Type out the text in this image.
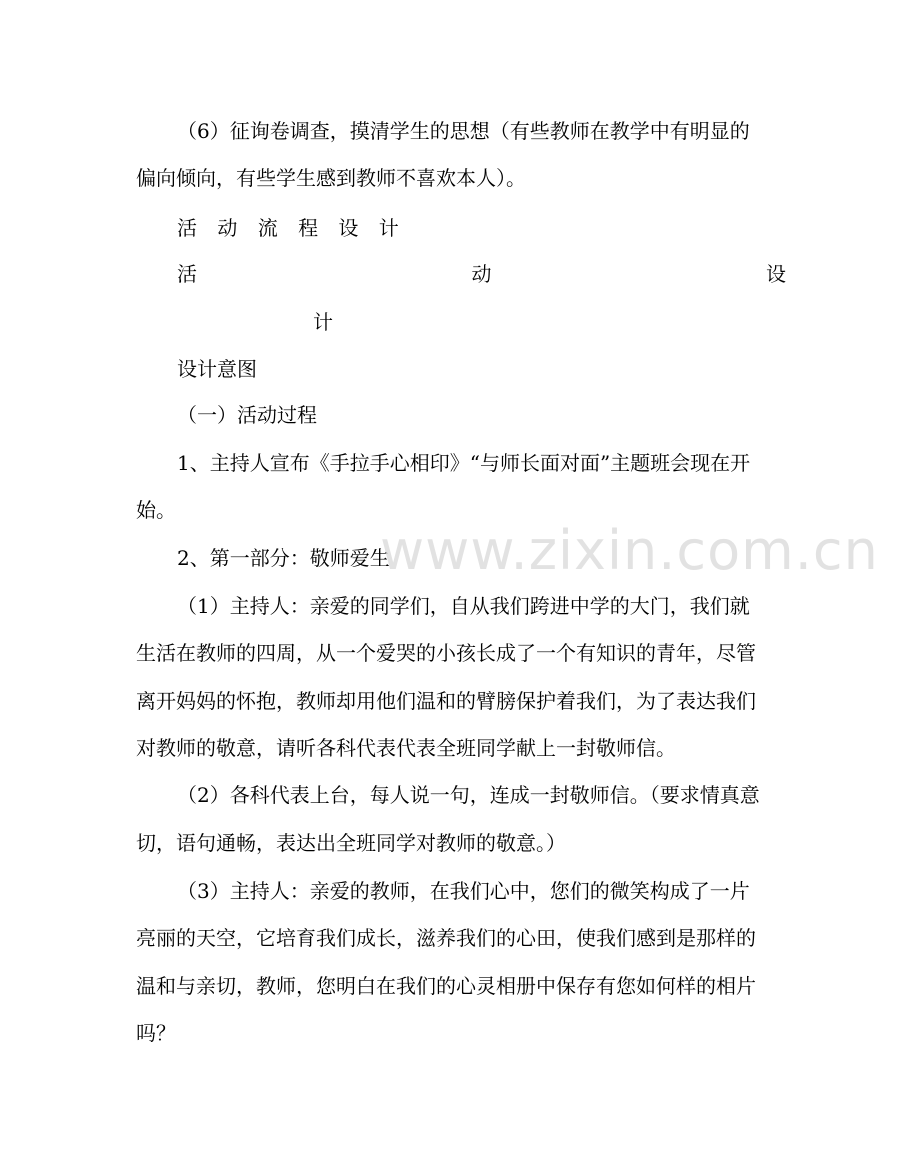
（6）征询卷调查，摸清学生的思想（有些教师在教学中有明显的
偏向倾向，有些学生感到教师不喜欢本人）。
活 动 流 程 设 计
活	动	设
计
设计意图
（一）活动过程
1、主持人宣布《手拉手心相印》“与师长面对面”主题班会现在开
始。
2、第一部分：敬师爱生
（1）主持人：亲爱的同学们，自从我们跨进中学的大门，我们就
生活在教师的四周，从一个爱哭的小孩长成了一个有知识的青年，尽管
离开妈妈的怀抱，教师却用他们温和的臂膀保护着我们，为了表达我们
对教师的敬意，请听各科代表代表全班同学献上一封敬师信。
（2）各科代表上台，每人说一句，连成一封敬师信。（要求情真意
切，语句通畅，表达出全班同学对教师的敬意。）
（3）主持人：亲爱的教师，在我们心中，您们的微笑构成了一片
亮丽的天空，它培育我们成长，滋养我们的心田，使我们感到是那样的
温和与亲切，教师，您明白在我们的心灵相册中保存有您如何样的相片
吗？
www.zixin.com.cn
